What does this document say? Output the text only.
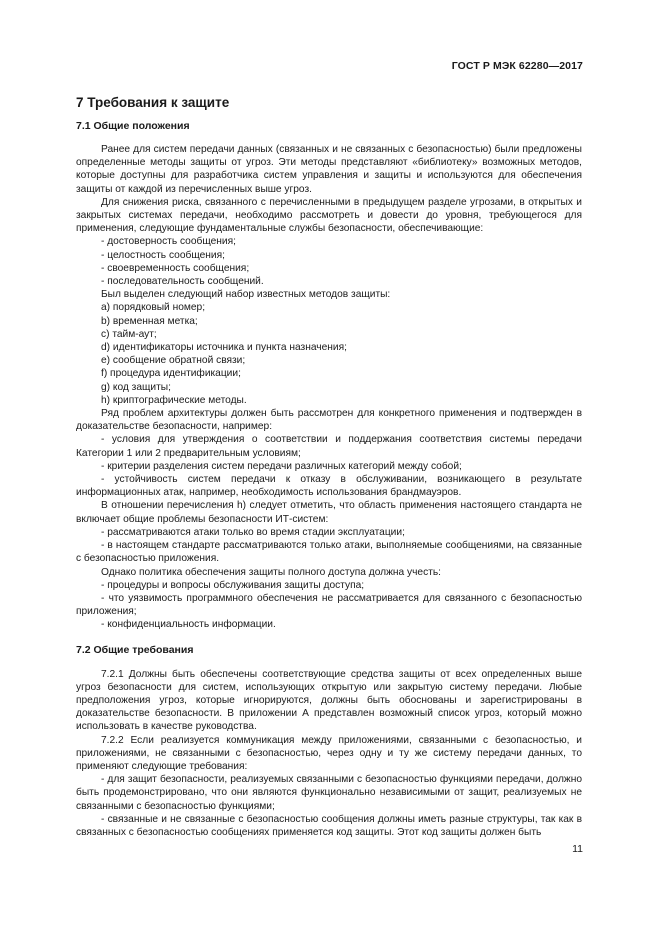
ГОСТ Р МЭК 62280—2017
7 Требования к защите
7.1 Общие положения

Ранее для систем передачи данных (связанных и не связанных с безопасностью) были предложены определенные методы защиты от угроз. Эти методы представляют «библиотеку» возможных методов, которые доступны для разработчика систем управления и защиты и используются для обеспечения защиты от каждой из перечисленных выше угроз.

Для снижения риска, связанного с перечисленными в предыдущем разделе угрозами, в открытых и закрытых системах передачи, необходимо рассмотреть и довести до уровня, требующегося для применения, следующие фундаментальные службы безопасности, обеспечивающие:

- достоверность сообщения;

- целостность сообщения;

- своевременность сообщения;

- последовательность сообщений.

Был выделен следующий набор известных методов защиты:

a) порядковый номер;

b) временная метка;

c) тайм-аут;

d) идентификаторы источника и пункта назначения;

e) сообщение обратной связи;

f) процедура идентификации;

g) код защиты;

h) криптографические методы.

Ряд проблем архитектуры должен быть рассмотрен для конкретного применения и подтвержден в доказательстве безопасности, например:

- условия для утверждения о соответствии и поддержания соответствия системы передачи Категории 1 или 2 предварительным условиям;

- критерии разделения систем передачи различных категорий между собой;

- устойчивость систем передачи к отказу в обслуживании, возникающего в результате информационных атак, например, необходимость использования брандмауэров.

В отношении перечисления h) следует отметить, что область применения настоящего стандарта не включает общие проблемы безопасности ИТ-систем:

- рассматриваются атаки только во время стадии эксплуатации;

- в настоящем стандарте рассматриваются только атаки, выполняемые сообщениями, на связанные с безопасностью приложения.

Однако политика обеспечения защиты полного доступа должна учесть:

- процедуры и вопросы обслуживания защиты доступа;

- что уязвимость программного обеспечения не рассматривается для связанного с безопасностью приложения;

- конфиденциальность информации.

7.2 Общие требования

7.2.1 Должны быть обеспечены соответствующие средства защиты от всех определенных выше угроз безопасности для систем, использующих открытую или закрытую систему передачи. Любые предположения угроз, которые игнорируются, должны быть обоснованы и зарегистрированы в доказательстве безопасности. В приложении А представлен возможный список угроз, который можно использовать в качестве руководства.

7.2.2 Если реализуется коммуникация между приложениями, связанными с безопасностью, и приложениями, не связанными с безопасностью, через одну и ту же систему передачи данных, то применяют следующие требования:

- для защит безопасности, реализуемых связанными с безопасностью функциями передачи, должно быть продемонстрировано, что они являются функционально независимыми от защит, реализуемых не связанными с безопасностью функциями;

- связанные и не связанные с безопасностью сообщения должны иметь разные структуры, так как в связанных с безопасностью сообщениях применяется код защиты. Этот код защиты должен быть

11
